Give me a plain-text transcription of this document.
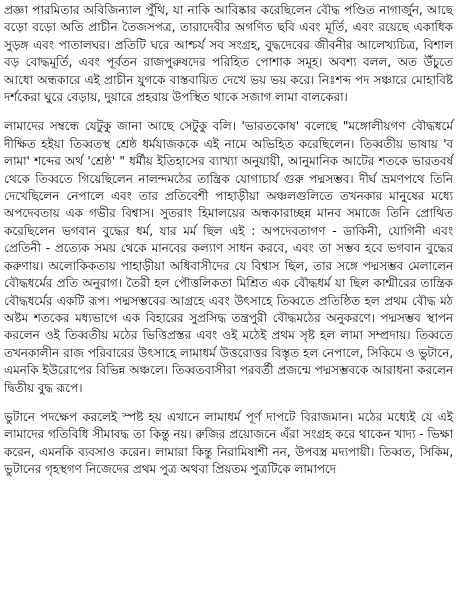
প্রজ্ঞা পারমিতার অবিজিন্যাল পুঁথি, যা নাকি আবিষ্কার করেছিলেন বৌদ্ধ পণ্ডিত নাগার্জুন, আছে বড়ো বড়ো অতি প্রাচীন তৈজসপত্র, তারাদেবীর অগণিত ছবি এবং মূর্তি, এবং রয়েছে একাধিক সুড়ঙ্গ এবং পাতালঘর। প্রতিটি ঘরে আশ্চর্য সব সংগ্রহ, বুদ্ধদেবের জীবনীর আলেখ্যচিত্র, বিশাল বড় বোদ্ধমূর্তি, এবং পূর্বতন রাজপুরুষদের পরিহিত পোশাক সমূহ। অবশ্য বলল, অত উঁচুতে আধো অন্ধকারে এই প্রাচীন যুগকে বাস্তবায়িত দেখে ভয় ভয় করে। নিঃশব্দ পদ সঞ্চারে মোহাবিষ্ট দর্শকেরা ঘুরে বেড়ায়, দুয়ারে প্রহরায় উপস্থিত থাকে সজাগ লামা বালকেরা।

লামাদের সম্বন্ধে যেটুকু জানা আছে সেটুকু বলি। 'ভারতকোষ' বলেছে "মঙ্গোলীয়গণ বৌদ্ধধর্মে দীক্ষিত হইয়া তিব্বতস্থ শ্রেষ্ঠ ধর্মযাজককে এই নামে অভিহিত করেছিলেন। তিব্বতীয় ভাষায় 'ব লামা' শব্দের অর্থ 'শ্রেষ্ঠ' " ধর্মীয় ইতিহাসের ব্যাখ্যা অনুযায়ী, আনুমানিক আটের শতকে ভারতবর্ষ থেকে তিব্বতে গিয়েছিলেন নালন্দমঠের তান্ত্রিক যোগাচার্য গুরু পদ্মসম্ভব। দীর্ঘ ভ্রমণপথে তিনি দেখেছিলেন নেপালে এবং তার প্রতিবেশী পাহাড়ীয়া অঞ্চলগুলিতে তখনকার মানুষের মধ্যে অপদেবতায় এক গভীর বিশ্বাস। সুতরাং হিমালয়ের অন্ধকারাচ্ছন্ন মানব সমাজে তিনি প্রোথিত করেছিলেন ভগবান বুদ্ধের ধর্ম, যার মর্ম ছিল এই : অপদেবতাগণ - ডাকিনী, যোগিনী এবং প্রেতিনী - প্রত্যেক সময় থেকে মানবের কল্যাণ সাধন করবে, এবং তা সম্ভব হবে ভগবান বুদ্ধের করুণায়। অলোকিকতায় পাহাড়ীয়া অধিবাসীদের যে বিশ্বাস ছিল, তার সঙ্গে পদ্মসম্ভব মেলালেন বৌদ্ধধর্মের প্রতি অনুরাগ। তৈরী হল পৌত্তলিকতা মিশ্রিত এক বৌদ্ধধর্ম যা ছিল কাশ্মীরের তান্ত্রিক বৌদ্ধধর্মের একটি রূপ। পদ্মসম্ভবের আগ্রহে এবং উৎসাহে তিব্বতে প্রতিষ্ঠিত হল প্রথম বৌদ্ধ মঠ অষ্টম শতকের মধ্যভাগে এক বিহারের সুপ্রসিদ্ধ তন্ত্রপুরী বৌদ্ধমঠের অনুকরণে। পদ্মসম্ভব স্থাপন করলেন ওই তিব্বতীয় মঠের ভিত্তিপ্রস্তর এবং ওই মঠেই প্রথম সৃষ্ট হল লামা সম্প্রদায়। তিব্বতে তখনকালীন রাজ পরিবারের উৎসাহে লামাধর্ম উত্তরোত্তর বিস্তৃত হল নেপালে, সিকিমে ও ভুটানে, এমনকি ইউরোপের বিভিন্ন অঞ্চলে। তিব্বতবাসীরা পরবর্তী প্রজন্মে পদ্মসম্ভবকে আরাধনা করলেন দ্বিতীয় বুদ্ধ রূপে।

ভুটানে পদক্ষেপ করলেই স্পষ্ট হয় এখানে লামাধর্ম পূর্ণ দাপটে বিরাজমান। মঠের মধ্যেই যে এই লামাদের গতিবিধি সীমাবদ্ধ তা কিন্তু নয়। রুজির প্রয়োজনে এঁরা সংগ্রহ করে থাকেন খাদ্য - ভিক্ষা করেন, এমনকি ব্যবসাও করেন। লামারা কিন্তু নিরামিষাশী নন, উপবস্ত্র মদ্যপায়ী। তিব্বত, সিকিম, ভুটানের গৃহস্থগণ নিজেদের প্রথম পুত্র অথবা প্রিয়তম পুত্রটিকে লামাপদে
